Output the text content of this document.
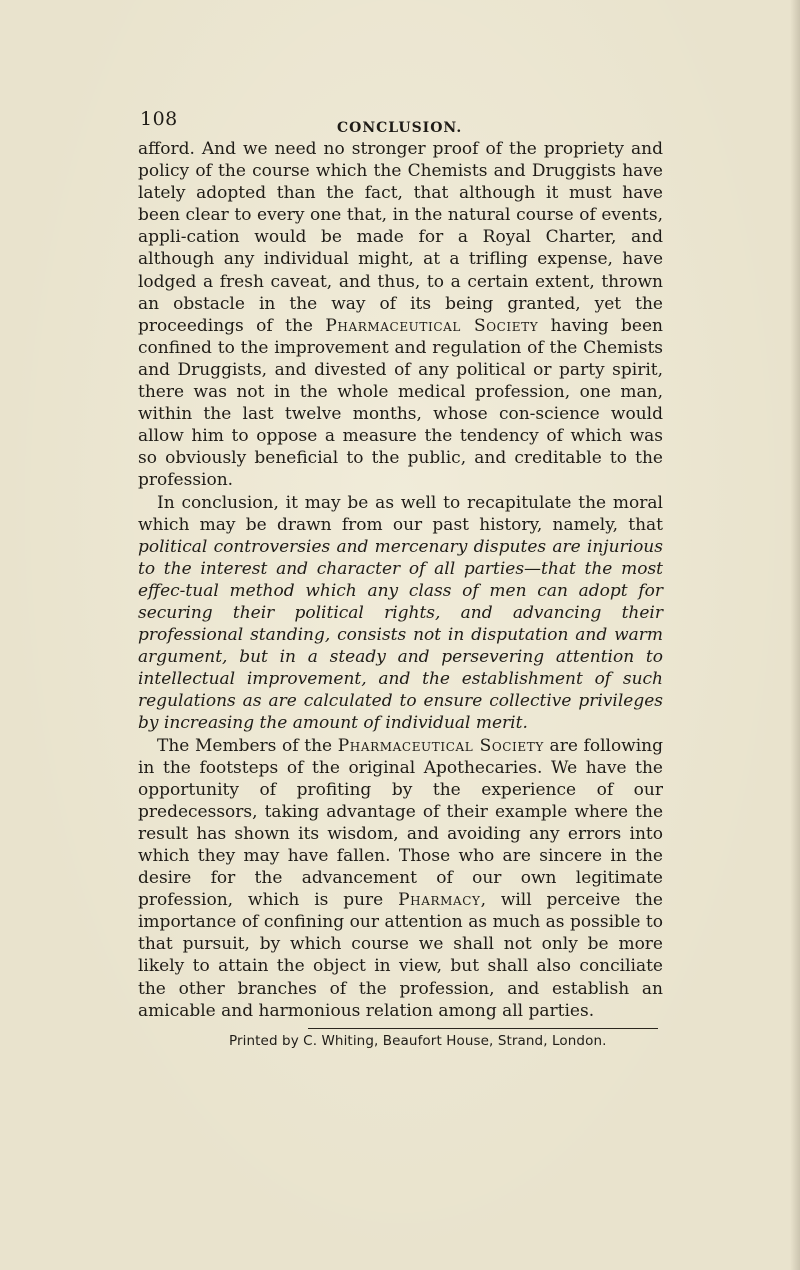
108	CONCLUSION.

afford. And we need no stronger proof of the propriety and policy of the course which the Chemists and Druggists have lately adopted than the fact, that although it must have been clear to every one that, in the natural course of events, appli-cation would be made for a Royal Charter, and although any individual might, at a trifling expense, have lodged a fresh caveat, and thus, to a certain extent, thrown an obstacle in the way of its being granted, yet the proceedings of the Pharmaceutical Society having been confined to the improvement and regulation of the Chemists and Druggists, and divested of any political or party spirit, there was not in the whole medical profession, one man, within the last twelve months, whose con-science would allow him to oppose a measure the tendency of which was so obviously beneficial to the public, and creditable to the profession.

In conclusion, it may be as well to recapitulate the moral which may be drawn from our past history, namely, that political controversies and mercenary disputes are injurious to the interest and character of all parties—that the most effec-tual method which any class of men can adopt for securing their political rights, and advancing their professional standing, consists not in disputation and warm argument, but in a steady and persevering attention to intellectual improvement, and the establishment of such regulations as are calculated to ensure collective privileges by increasing the amount of individual merit.

The Members of the Pharmaceutical Society are following in the footsteps of the original Apothecaries. We have the opportunity of profiting by the experience of our predecessors, taking advantage of their example where the result has shown its wisdom, and avoiding any errors into which they may have fallen. Those who are sincere in the desire for the advancement of our own legitimate profession, which is pure Pharmacy, will perceive the importance of confining our attention as much as possible to that pursuit, by which course we shall not only be more likely to attain the object in view, but shall also conciliate the other branches of the profession, and establish an amicable and harmonious relation among all parties.

Printed by C. Whiting, Beaufort House, Strand, London.
